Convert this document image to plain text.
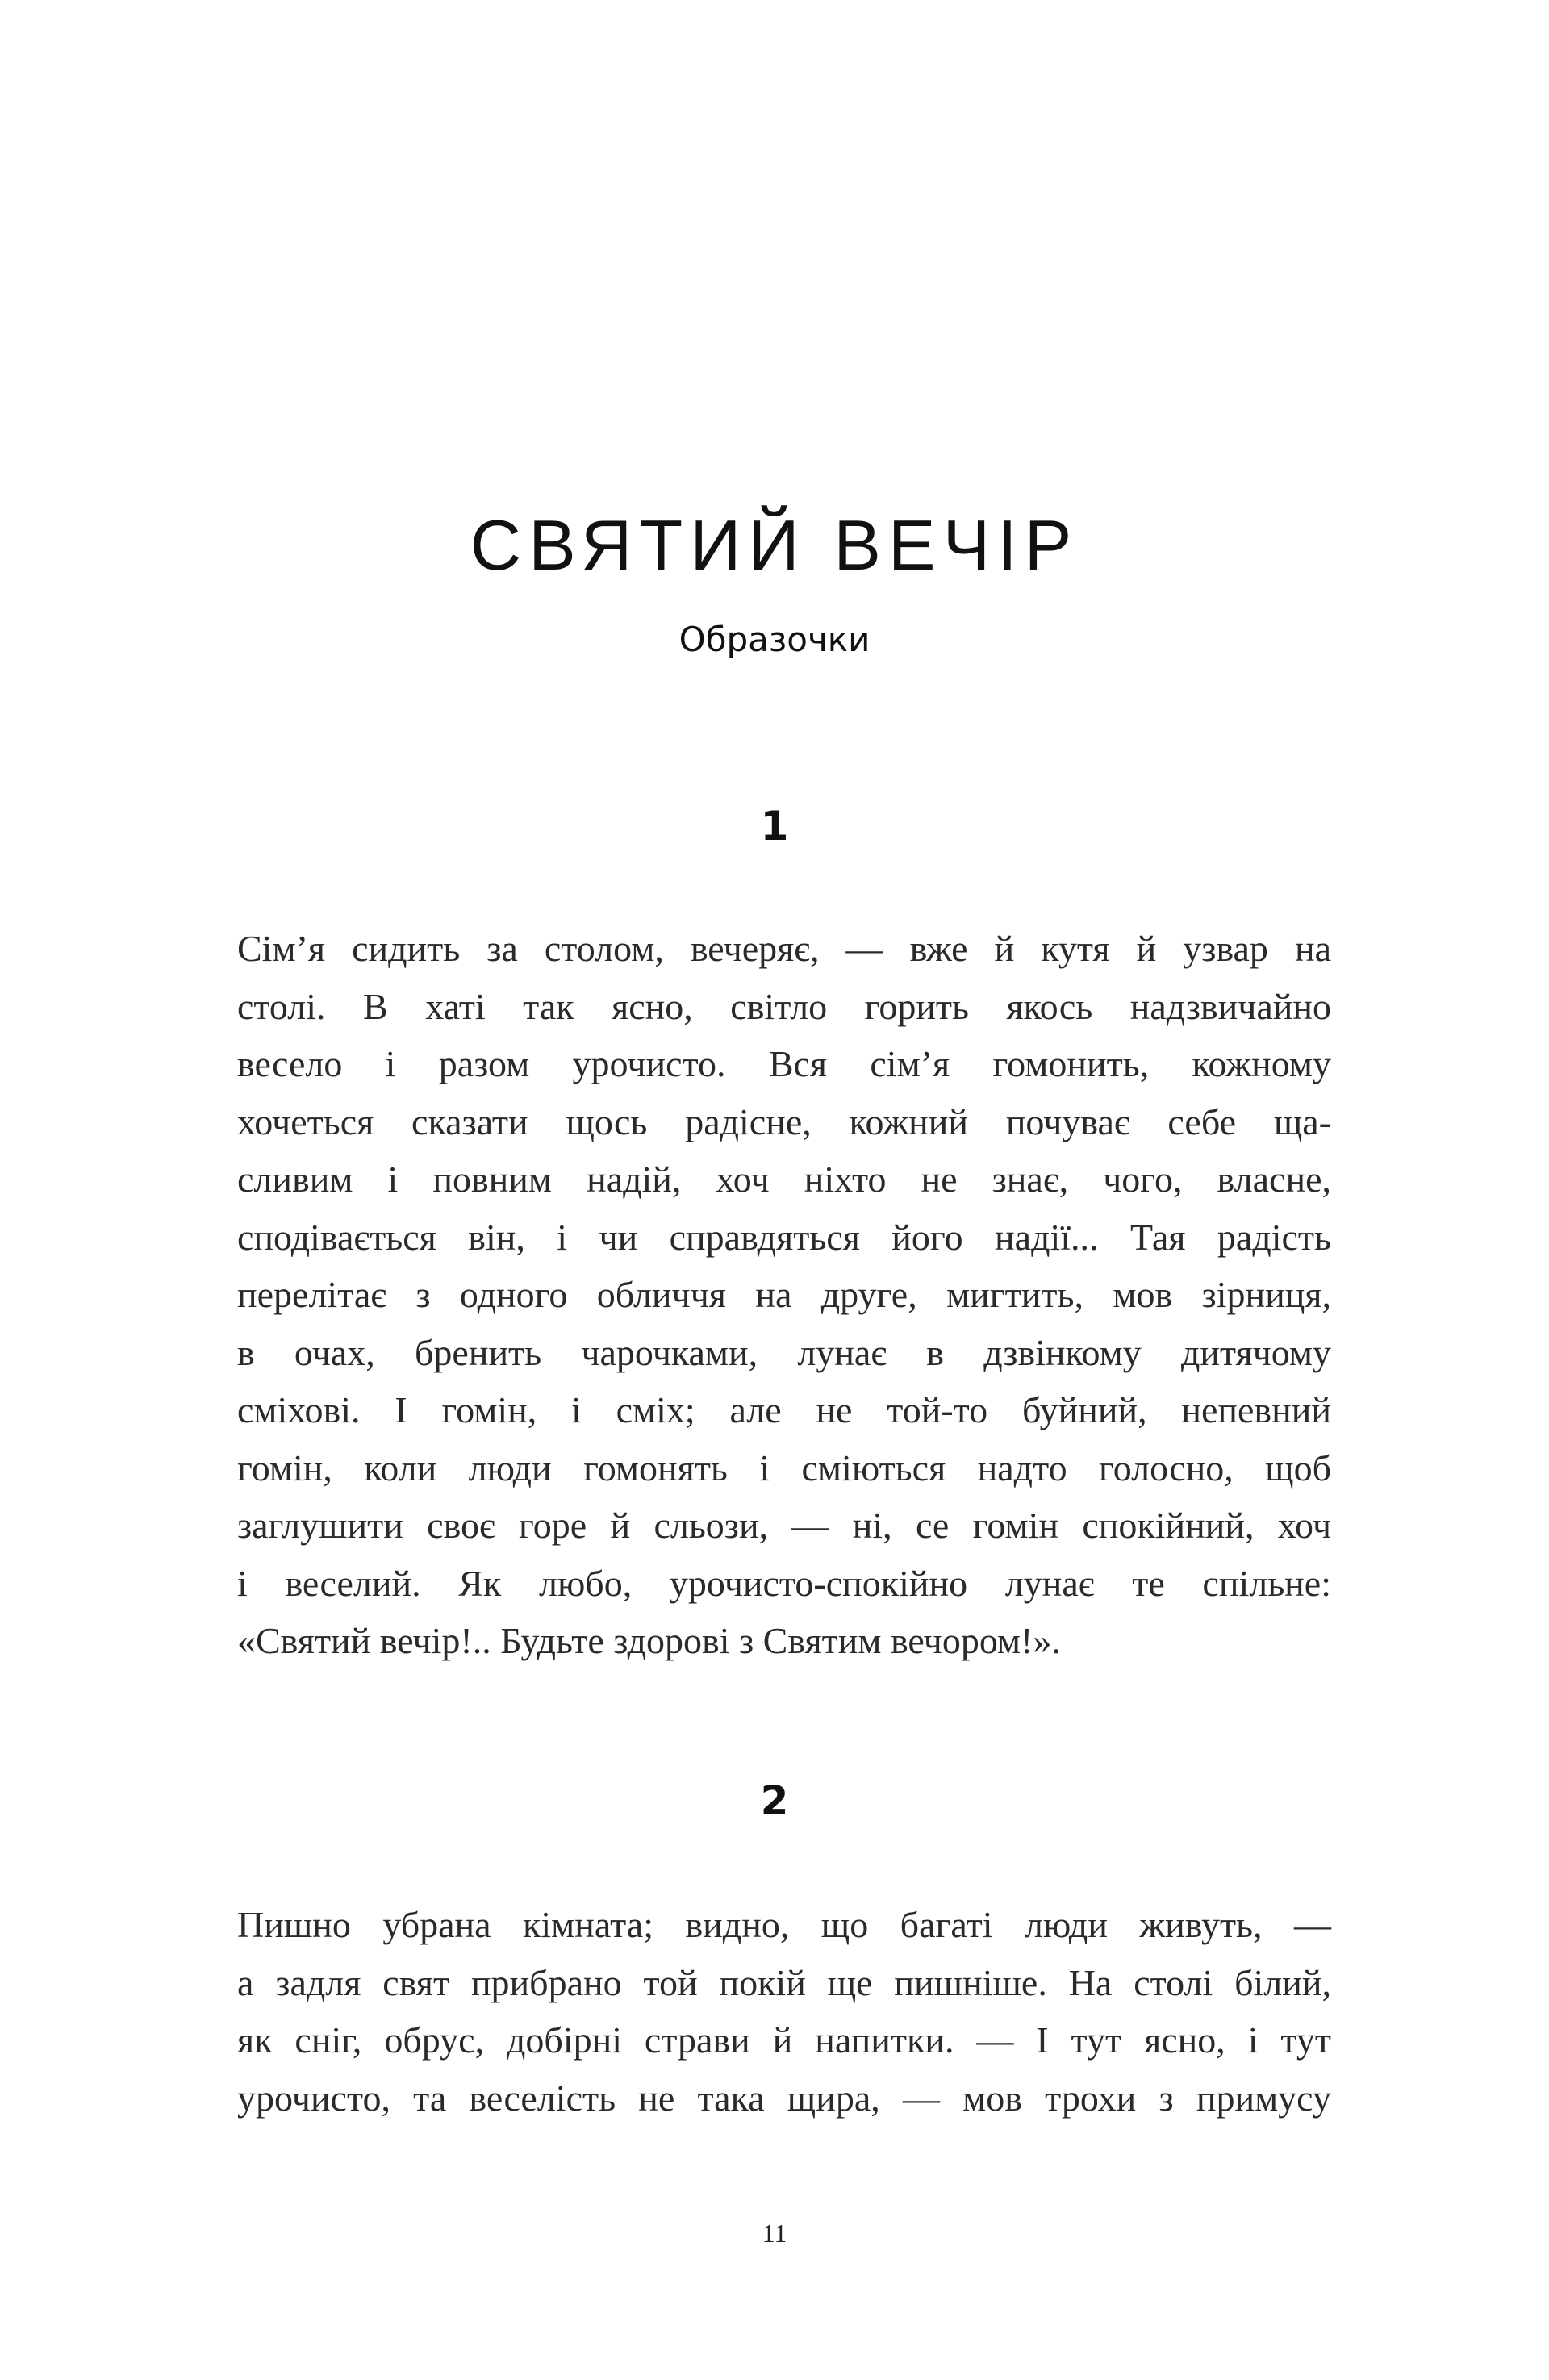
СВЯТИЙ ВЕЧІР
Образочки
1
Сім’я сидить за столом, вечеряє, — вже й кутя й узвар на
столі. В хаті так ясно, світло горить якось надзвичайно
весело і разом урочисто. Вся сім’я гомонить, кожному
хочеться сказати щось радісне, кожний почуває себе ща-
сливим і повним надій, хоч ніхто не знає, чого, власне,
сподівається він, і чи справдяться його надії... Тая радість
перелітає з одного обличчя на друге, мигтить, мов зірниця,
в очах, бренить чарочками, лунає в дзвінкому дитячому
сміхові. І гомін, і сміх; але не той-то буйний, непевний
гомін, коли люди гомонять і сміються надто голосно, щоб
заглушити своє горе й сльози, — ні, се гомін спокійний, хоч
і веселий. Як любо, урочисто-спокійно лунає те спільне:
«Святий вечір!.. Будьте здорові з Святим вечором!».
2
Пишно убрана кімната; видно, що багаті люди живуть, —
а задля свят прибрано той покій ще пишніше. На столі білий,
як сніг, обрус, добірні страви й напитки. — І тут ясно, і тут
урочисто, та веселість не така щира, — мов трохи з примусу
11
